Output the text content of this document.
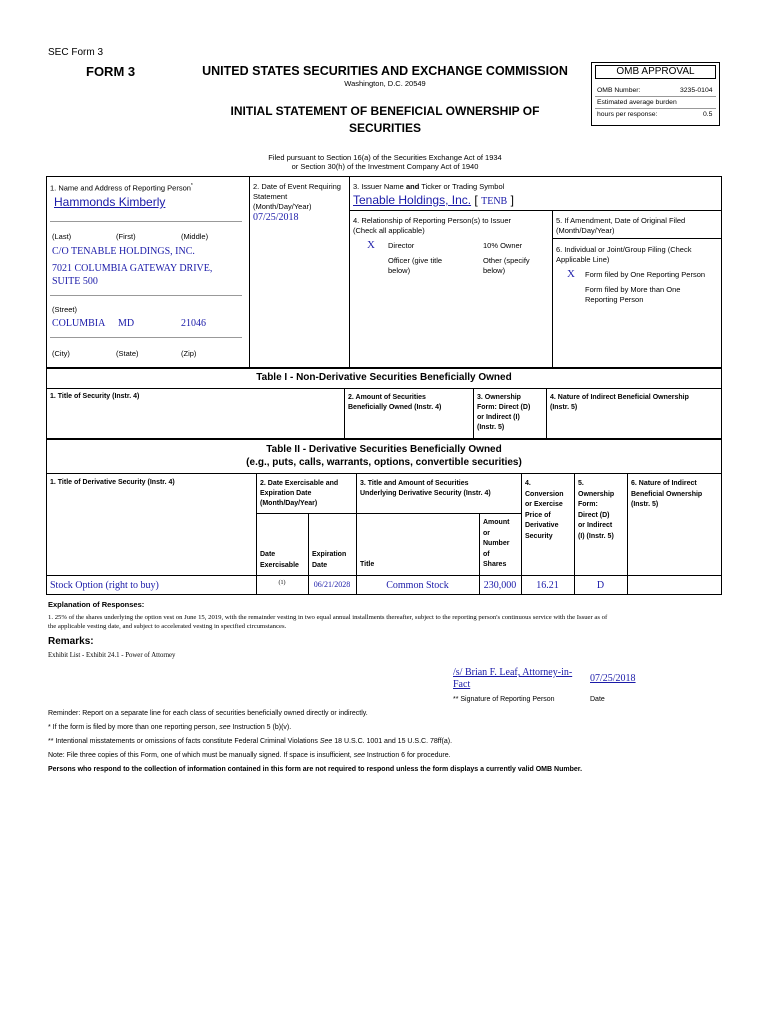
SEC Form 3
FORM 3	UNITED STATES SECURITIES AND EXCHANGE COMMISSION
Washington, D.C. 20549
INITIAL STATEMENT OF BENEFICIAL OWNERSHIP OF
SECURITIES
OMB APPROVAL
OMB Number:	3235-0104
Estimated average burden
hours per response:	0.5
Filed pursuant to Section 16(a) of the Securities Exchange Act of 1934
or Section 30(h) of the Investment Company Act of 1940
1. Name and Address of Reporting Person*
Hammonds Kimberly
(Last)	(First)	(Middle)
C/O TENABLE HOLDINGS, INC.
7021 COLUMBIA GATEWAY DRIVE,
SUITE 500
(Street)
COLUMBIA MD	21046
(City)	(State)	(Zip)
2. Date of Event Requiring
Statement
(Month/Day/Year)
07/25/2018
3. Issuer Name and Ticker or Trading Symbol
Tenable Holdings, Inc. [ TENB ]
4. Relationship of Reporting Person(s) to Issuer
(Check all applicable)
X Director	10% Owner
Officer (give title
below)
Other (specify
below)
5. If Amendment, Date of Original Filed
(Month/Day/Year)
6. Individual or Joint/Group Filing (Check
Applicable Line)
X Form filed by One Reporting Person
Form filed by More than One
Reporting Person
Table I - Non-Derivative Securities Beneficially Owned
1. Title of Security (Instr. 4)	2. Amount of Securities
Beneficially Owned (Instr. 4)
3. Ownership
Form: Direct (D)
or Indirect (I)
(Instr. 5)
4. Nature of Indirect Beneficial Ownership
(Instr. 5)
Table II - Derivative Securities Beneficially Owned
(e.g., puts, calls, warrants, options, convertible securities)
1. Title of Derivative Security (Instr. 4)	2. Date Exercisable and
Expiration Date
(Month/Day/Year)
3. Title and Amount of Securities
Underlying Derivative Security (Instr. 4)
4.
Conversion
or Exercise
Price of
Derivative
Security
5.
Ownership
Form:
Direct (D)
or Indirect
(I) (Instr. 5)
6. Nature of Indirect
Beneficial Ownership
(Instr. 5)
Date
Exercisable
Expiration
Date	Title
Amount
or
Number
of
Shares
Stock Option (right to buy)	(1)	06/21/2028	Common Stock	230,000	16.21	D
Explanation of Responses:
1. 25% of the shares underlying the option vest on June 15, 2019, with the remainder vesting in two equal annual installments thereafter, subject to the reporting person's continuous service with the Issuer as of
the applicable vesting date, and subject to accelerated vesting in specified circumstances.
Remarks:
Exhibit List - Exhibit 24.1 - Power of Attorney
/s/ Brian F. Leaf, Attorney-in-
Fact
07/25/2018
** Signature of Reporting Person	Date
Reminder: Report on a separate line for each class of securities beneficially owned directly or indirectly.
* If the form is filed by more than one reporting person, see Instruction 5 (b)(v).
** Intentional misstatements or omissions of facts constitute Federal Criminal Violations See 18 U.S.C. 1001 and 15 U.S.C. 78ff(a).
Note: File three copies of this Form, one of which must be manually signed. If space is insufficient, see Instruction 6 for procedure.
Persons who respond to the collection of information contained in this form are not required to respond unless the form displays a currently valid OMB Number.
